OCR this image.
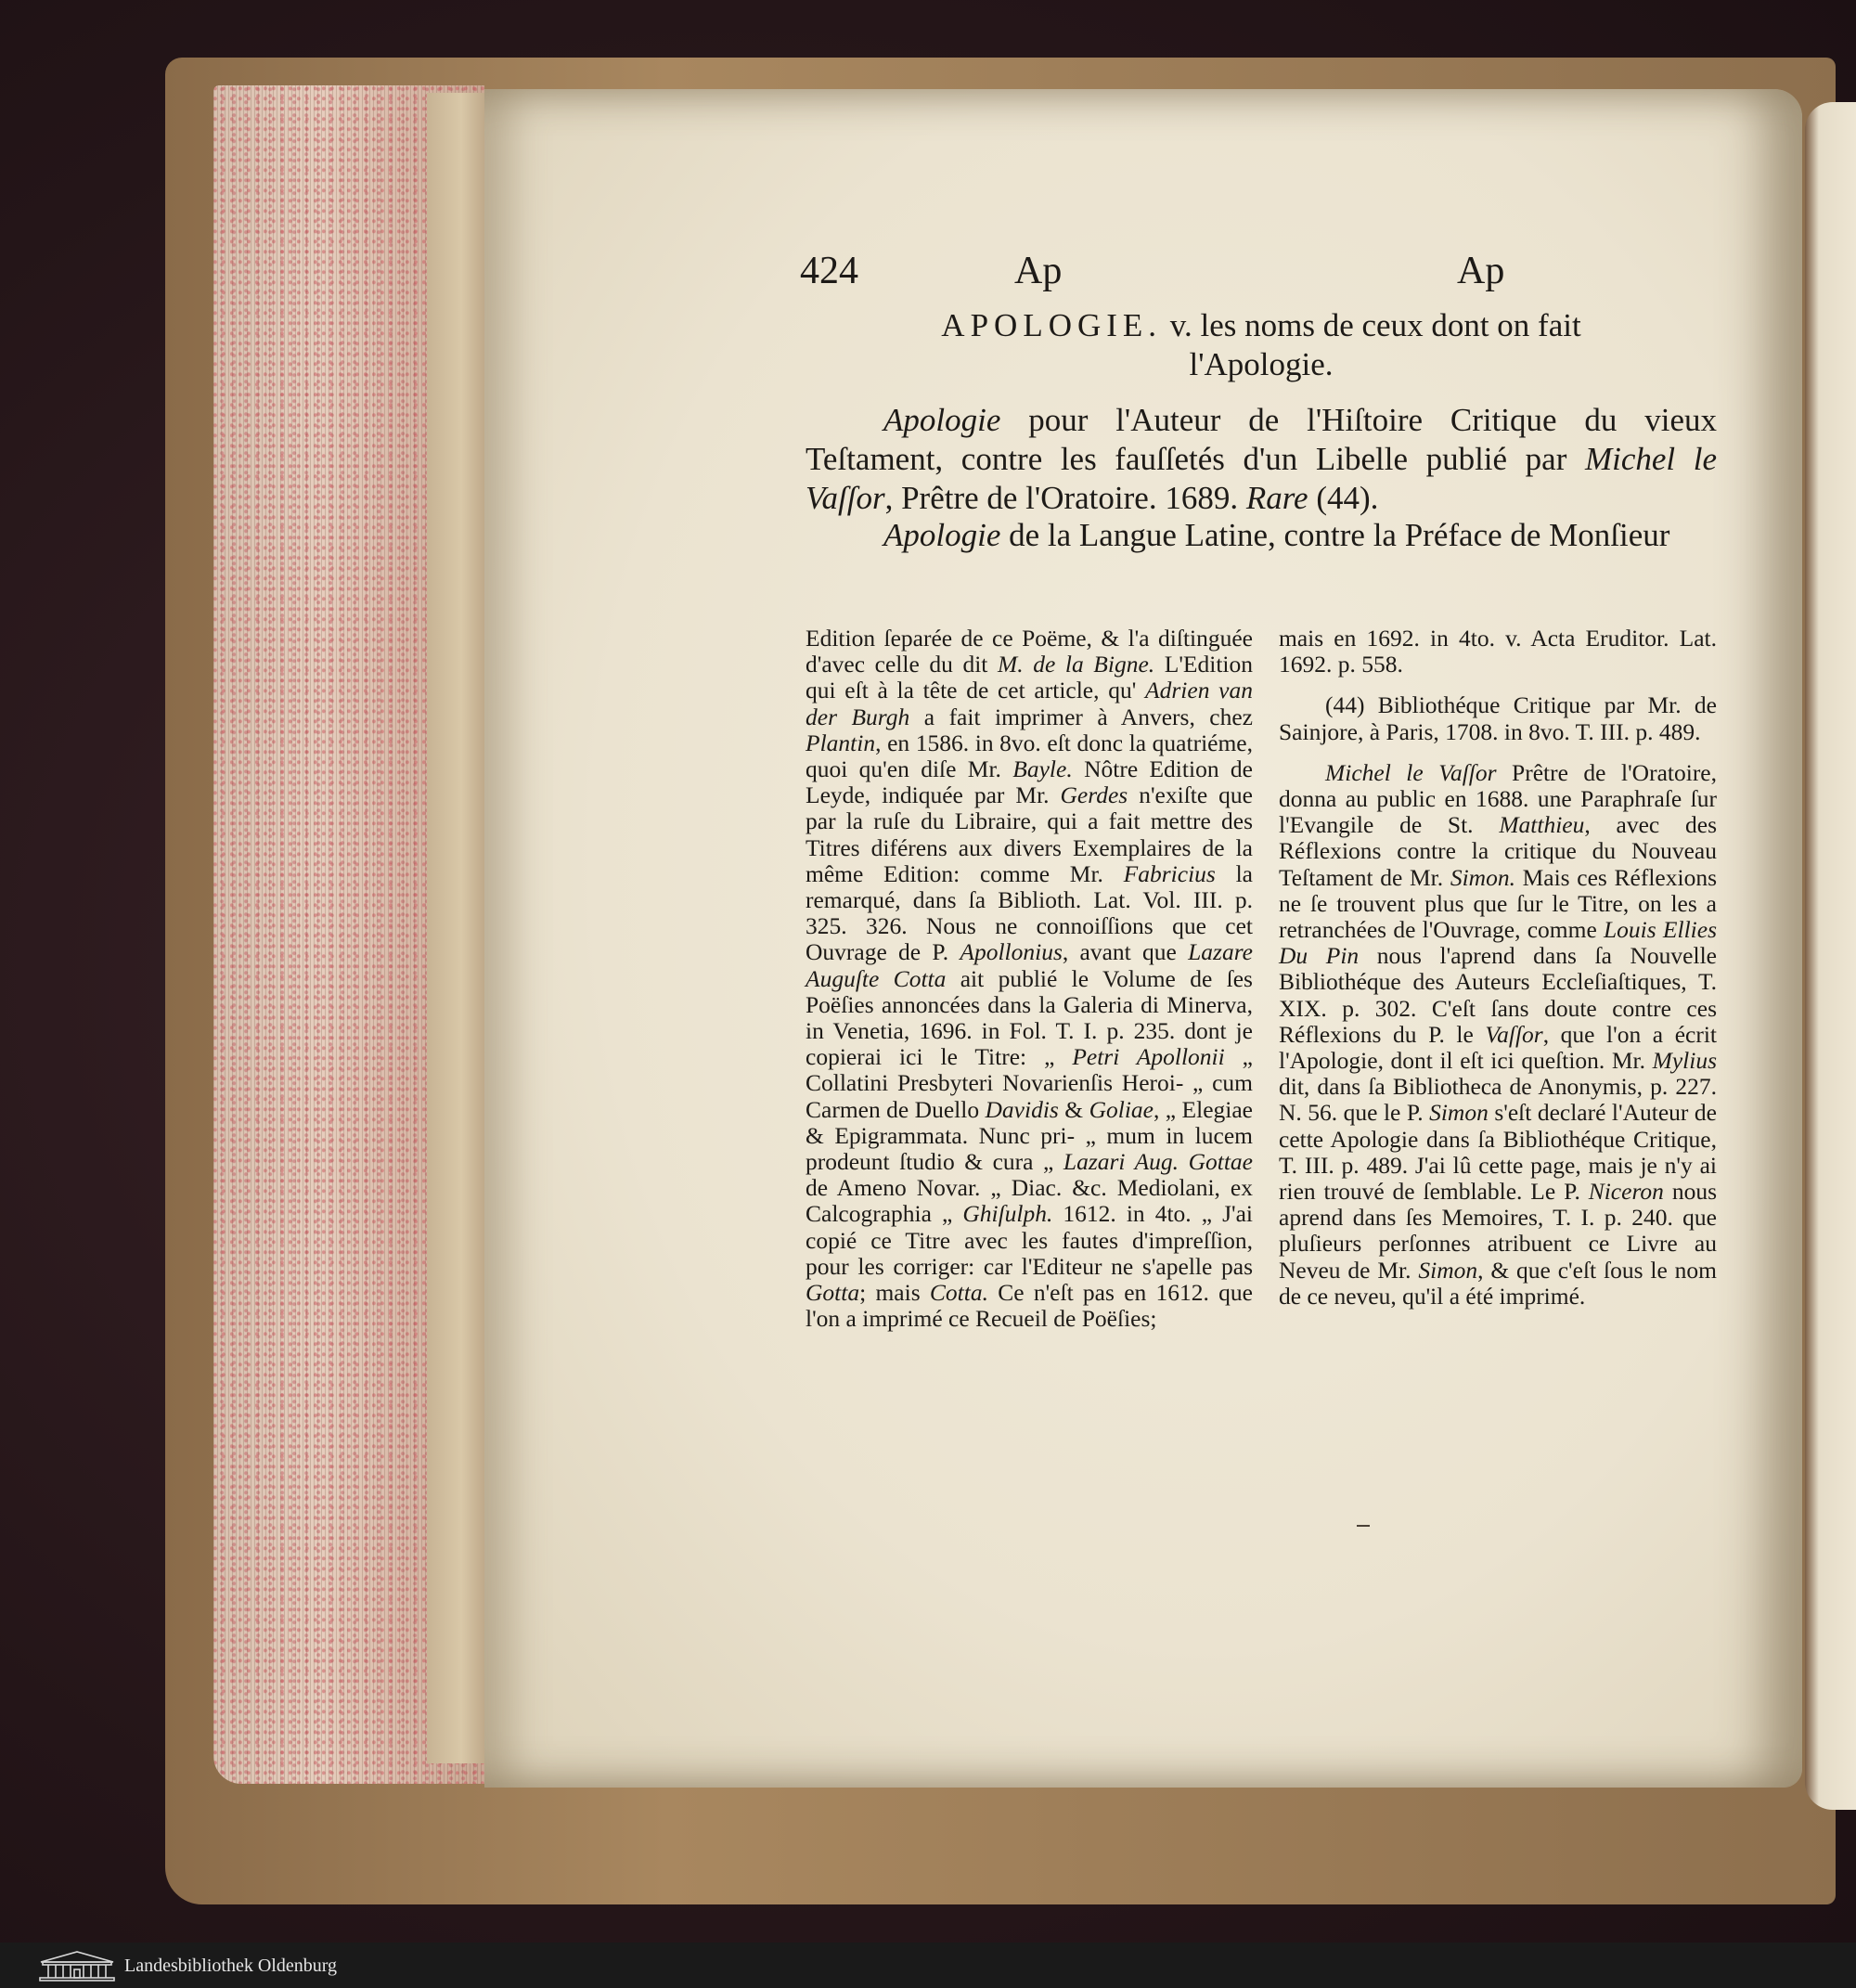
424	Ap	Ap

APOLOGIE. v. les noms de ceux dont on fait

l'Apologie.

Apologie pour l'Auteur de l'Hiſtoire Critique du vieux Teſtament, contre les fauſſetés d'un Libelle publié par Michel le Vaſſor, Prêtre de l'Oratoire. 1689. Rare (44).

Apologie de la Langue Latine, contre la Préface de Monſieur

Edition ſeparée de ce Poëme, & l'a diſtinguée d'avec celle du dit M. de la Bigne. L'Edition qui eſt à la tête de cet article, qu' Adrien van der Burgh a fait imprimer à Anvers, chez Plantin, en 1586. in 8vo. eſt donc la quatriéme, quoi qu'en diſe Mr. Bayle. Nôtre Edition de Leyde, indiquée par Mr. Gerdes n'exiſte que par la ruſe du Libraire, qui a fait mettre des Titres diférens aux divers Exemplaires de la même Edition: comme Mr. Fabricius la remarqué, dans ſa Biblioth. Lat. Vol. III. p. 325. 326. Nous ne connoiſſions que cet Ouvrage de P. Apollonius, avant que Lazare Auguſte Cotta ait publié le Volume de ſes Poëſies annoncées dans la Galeria di Minerva, in Venetia, 1696. in Fol. T. I. p. 235. dont je copierai ici le Titre: „ Petri Apollonii „ Collatini Presbyteri Novarienſis Heroi- „ cum Carmen de Duello Davidis & Goliae, „ Elegiae & Epigrammata. Nunc pri- „ mum in lucem prodeunt ſtudio & cura „ Lazari Aug. Gottae de Ameno Novar. „ Diac. &c. Mediolani, ex Calcographia „ Ghiſulph. 1612. in 4to. „ J'ai copié ce Titre avec les fautes d'impreſſion, pour les corriger: car l'Editeur ne s'apelle pas Gotta; mais Cotta. Ce n'eſt pas en 1612. que l'on a imprimé ce Recueil de Poëſies;

mais en 1692. in 4to. v. Acta Eruditor. Lat. 1692. p. 558.

(44) Bibliothéque Critique par Mr. de Sainjore, à Paris, 1708. in 8vo. T. III. p. 489.

Michel le Vaſſor Prêtre de l'Oratoire, donna au public en 1688. une Paraphraſe ſur l'Evangile de St. Matthieu, avec des Réflexions contre la critique du Nouveau Teſtament de Mr. Simon. Mais ces Réflexions ne ſe trouvent plus que ſur le Titre, on les a retranchées de l'Ouvrage, comme Louis Ellies Du Pin nous l'aprend dans ſa Nouvelle Bibliothéque des Auteurs Eccleſiaſtiques, T. XIX. p. 302. C'eſt ſans doute contre ces Réflexions du P. le Vaſſor, que l'on a écrit l'Apologie, dont il eſt ici queſtion. Mr. Mylius dit, dans ſa Bibliotheca de Anonymis, p. 227. N. 56. que le P. Simon s'eſt declaré l'Auteur de cette Apologie dans ſa Bibliothéque Critique, T. III. p. 489. J'ai lû cette page, mais je n'y ai rien trouvé de ſemblable. Le P. Niceron nous aprend dans ſes Memoires, T. I. p. 240. que pluſieurs perſonnes atribuent ce Livre au Neveu de Mr. Simon, & que c'eſt ſous le nom de ce neveu, qu'il a été imprimé.

Landesbibliothek Oldenburg
